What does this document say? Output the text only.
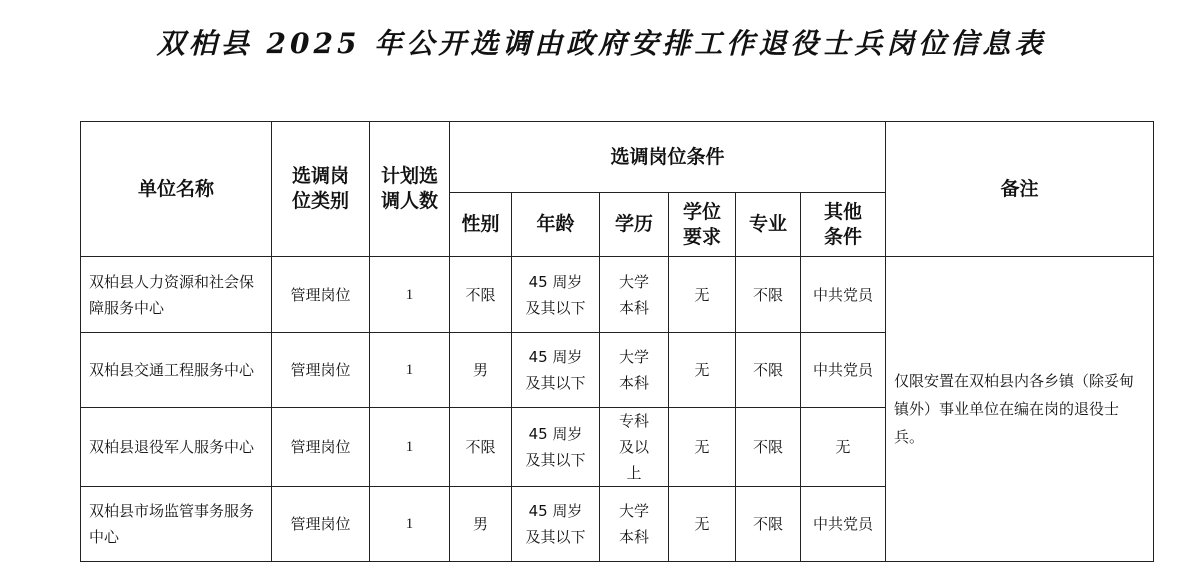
双柏县 2025 年公开选调由政府安排工作退役士兵岗位信息表
单位名称	选调岗位类别	计划选调人数	选调岗位条件						备注
			性别	年龄	学历	学位要求	专业	其他条件	
双柏县人力资源和社会保障服务中心	管理岗位	1	不限	45 周岁及其以下	大学本科	无	不限	中共党员	仅限安置在双柏县内各乡镇（除妥甸镇外）事业单位在编在岗的退役士兵。
双柏县交通工程服务中心	管理岗位	1	男	45 周岁及其以下	大学本科	无	不限	中共党员	
双柏县退役军人服务中心	管理岗位	1	不限	45 周岁及其以下	专科及以上	无	不限	无	
双柏县市场监管事务服务中心	管理岗位	1	男	45 周岁及其以下	大学本科	无	不限	中共党员	
